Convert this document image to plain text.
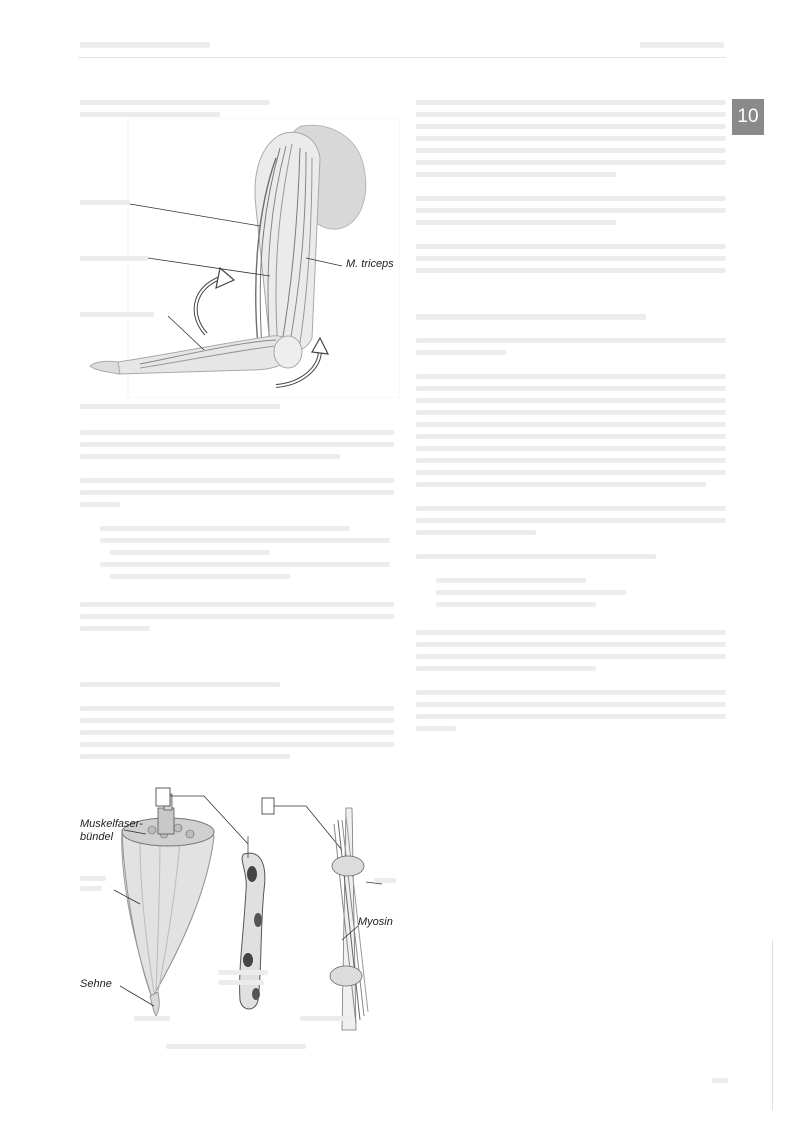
10
M. triceps
Muskelfaser-
bündel
Myosin
Sehne
